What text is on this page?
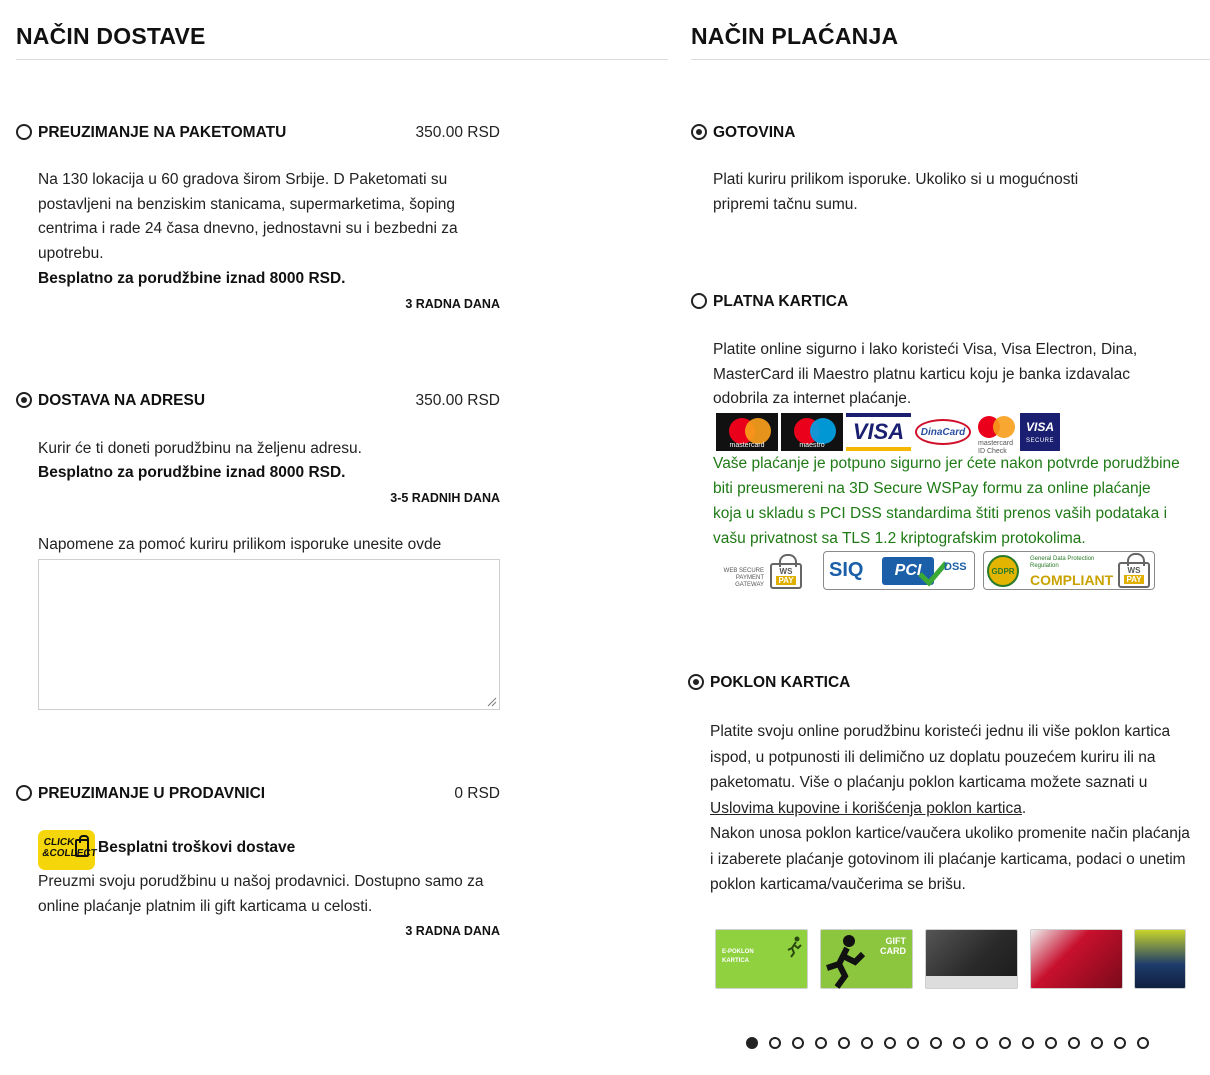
NAČIN DOSTAVE
PREUZIMANJE NA PAKETOMATU	350.00 RSD
Na 130 lokacija u 60 gradova širom Srbije. D Paketomati su postavljeni na benziskim stanicama, supermarketima, šoping centrima i rade 24 časa dnevno, jednostavni su i bezbedni za upotrebu.
Besplatno za porudžbine iznad 8000 RSD.
3 RADNA DANA
DOSTAVA NA ADRESU	350.00 RSD
Kurir će ti doneti porudžbinu na željenu adresu.
Besplatno za porudžbine iznad 8000 RSD.
3-5 RADNIH DANA
Napomene za pomoć kuriru prilikom isporuke unesite ovde
PREUZIMANJE U PRODAVNICI	0 RSD
CLICK
&COLLECT Besplatni troškovi dostave
Preuzmi svoju porudžbinu u našoj prodavnici. Dostupno samo za online plaćanje platnim ili gift karticama u celosti.
3 RADNA DANA
NAČIN PLAĆANJA
GOTOVINA
Plati kuriru prilikom isporuke. Ukoliko si u mogućnosti pripremi tačnu sumu.
PLATNA KARTICA
Platite online sigurno i lako koristeći Visa, Visa Electron, Dina, MasterCard ili Maestro platnu karticu koju je banka izdavalac odobrila za internet plaćanje.
mastercard	maestro
VISA	DinaCard
mastercard ID Check
VISA
SECURE
Vaše plaćanje je potpuno sigurno jer ćete nakon potvrde porudžbine biti preusmereni na 3D Secure WSPay formu za online plaćanje koja u skladu s PCI DSS standardima štiti prenos vaših podataka i vašu privatnost sa TLS 1.2 kriptografskim protokolima.
WEB SECURE PAYMENT GATEWAY
WS
PAY SIQ PCI DSS	GDPR
General Data Protection Regulation
COMPLIANT
WS
PAY
POKLON KARTICA
Platite svoju online porudžbinu koristeći jednu ili više poklon kartica ispod, u potpunosti ili delimično uz doplatu pouzećem kuriru ili na paketomatu. Više o plaćanju poklon karticama možete saznati u Uslovima kupovine i korišćenja poklon kartica.
Nakon unosa poklon kartice/vaučera ukoliko promenite način plaćanja i izaberete plaćanje gotovinom ili plaćanje karticama, podaci o unetim poklon karticama/vaučerima se brišu.
E-POKLON KARTICA
GIFT CARD
